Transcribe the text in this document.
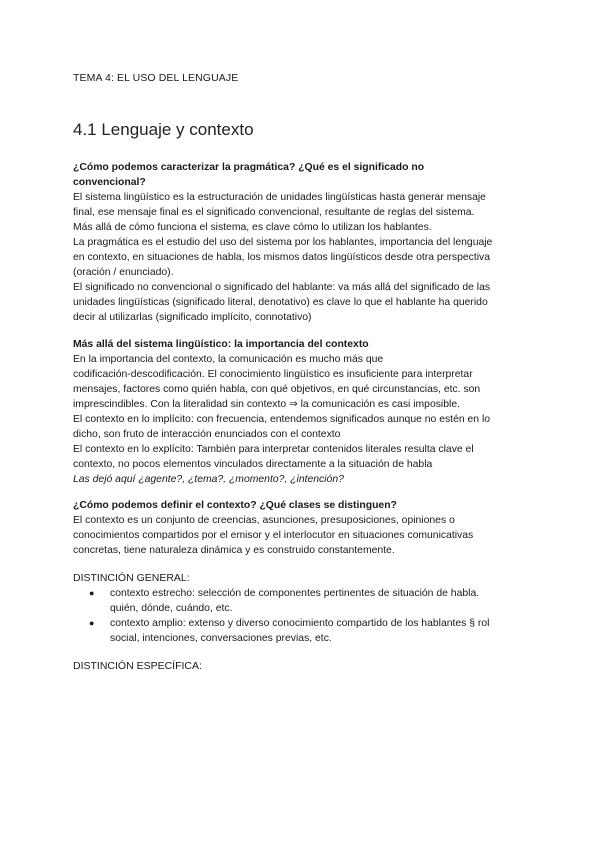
TEMA 4: EL USO DEL LENGUAJE
4.1 Lenguaje y contexto
¿Cómo podemos caracterizar la pragmática? ¿Qué es el significado no
convencional?
El sistema lingüístico es la estructuración de unidades lingüísticas hasta generar mensaje
final, ese mensaje final es el significado convencional, resultante de reglas del sistema.
Más allá de cómo funciona el sistema, es clave cómo lo utilizan los hablantes.
La pragmática es el estudio del uso del sistema por los hablantes, importancia del lenguaje
en contexto, en situaciones de habla, los mismos datos lingüísticos desde otra perspectiva
(oración / enunciado).
El significado no convencional o significado del hablante: va más allá del significado de las
unidades lingüísticas (significado literal, denotativo) es clave lo que el hablante ha querido
decir al utilizarlas (significado implícito, connotativo)
Más allá del sistema lingüístico: la importancia del contexto
En la importancia del contexto, la comunicación es mucho más que
codificación-descodificación. El conocimiento lingüístico es insuficiente para interpretar
mensajes, factores como quién habla, con qué objetivos, en qué circunstancias, etc. son
imprescindibles. Con la literalidad sin contexto ⇒ la comunicación es casi imposible.
El contexto en lo implícito: con frecuencia, entendemos significados aunque no estén en lo
dicho, son fruto de interacción enunciados con el contexto
El contexto en lo explícito: También para interpretar contenidos literales resulta clave el
contexto, no pocos elementos vinculados directamente a la situación de habla
Las dejó aquí ¿agente?, ¿tema?, ¿momento?, ¿intención?
¿Cómo podemos definir el contexto? ¿Qué clases se distinguen?
El contexto es un conjunto de creencias, asunciones, presuposiciones, opiniones o
conocimientos compartidos por el emisor y el interlocutor en situaciones comunicativas
concretas, tiene naturaleza dinámica y es construido constantemente.
DISTINCIÓN GENERAL:
● contexto estrecho: selección de componentes pertinentes de situación de habla.
quién, dónde, cuándo, etc.
● contexto amplio: extenso y diverso conocimiento compartido de los hablantes § rol
social, intenciones, conversaciones previas, etc.
DISTINCIÓN ESPECÍFICA:
